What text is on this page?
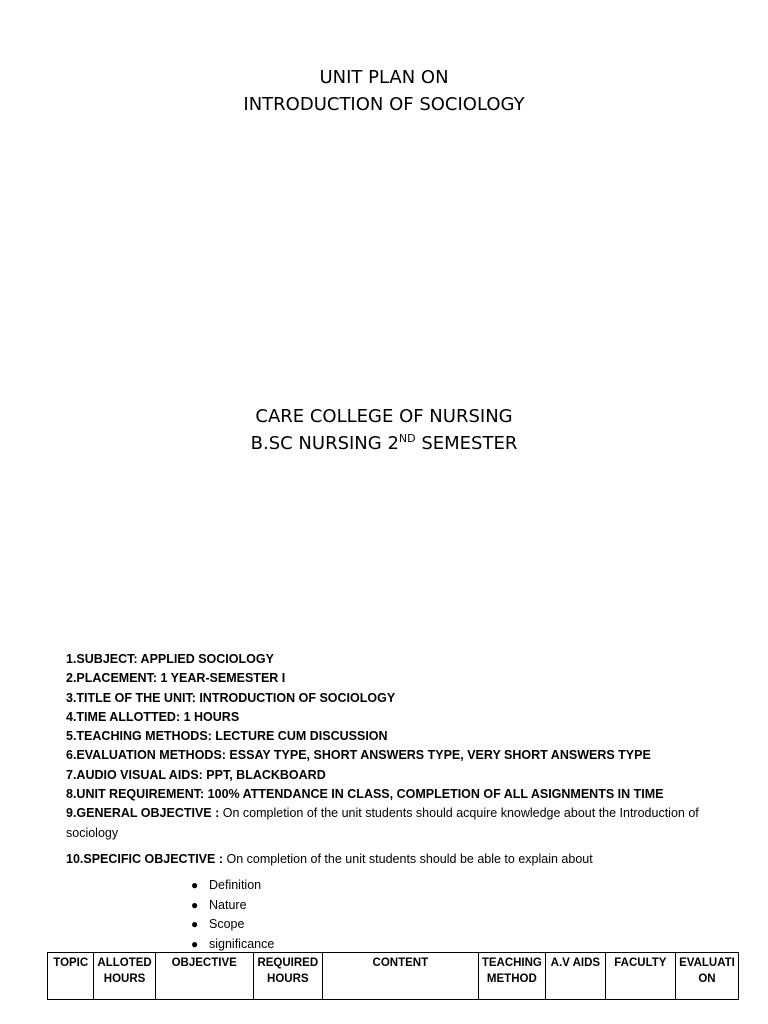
UNIT PLAN ON
INTRODUCTION OF SOCIOLOGY
CARE COLLEGE OF NURSING
B.SC NURSING 2ND SEMESTER
1.SUBJECT: APPLIED SOCIOLOGY
2.PLACEMENT: 1 YEAR-SEMESTER I
3.TITLE OF THE UNIT: INTRODUCTION OF SOCIOLOGY
4.TIME ALLOTTED: 1 HOURS
5.TEACHING METHODS: LECTURE CUM DISCUSSION
6.EVALUATION METHODS: ESSAY TYPE, SHORT ANSWERS TYPE, VERY SHORT ANSWERS TYPE
7.AUDIO VISUAL AIDS: PPT, BLACKBOARD
8.UNIT REQUIREMENT: 100% ATTENDANCE IN CLASS, COMPLETION OF ALL ASIGNMENTS IN TIME
9.GENERAL OBJECTIVE : On completion of the unit students should acquire knowledge about the Introduction of sociology
10.SPECIFIC OBJECTIVE : On completion of the unit students should be able to explain about
● Definition
● Nature
● Scope
● significance
TOPIC	ALLOTED HOURS	OBJECTIVE	REQUIRED HOURS	CONTENT	TEACHING METHOD	A.V AIDS	FACULTY	EVALUATI ON
